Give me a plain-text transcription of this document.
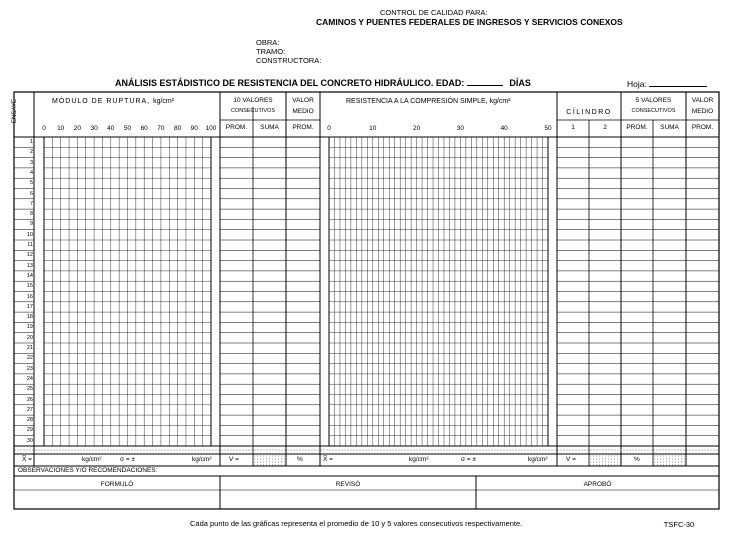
CONTROL DE CALIDAD PARA:
CAMINOS Y PUENTES FEDERALES DE INGRESOS Y SERVICIOS CONEXOS
OBRA:
TRAMO:
CONSTRUCTORA:
ANÁLISIS ESTÁDISTICO DE RESISTENCIA DEL CONCRETO HIDRÁULICO. EDAD:	DÍAS	Hoja:
ENSAYE	MÓDULO DE RUPTURA, kg/cm²
0	10	20	30	40	50	60	70	80	90	100
10 VALORES
CONSECUTIVOS
VALOR
MEDIO
PROM.	SUMA	PROM.
RESISTENCIA A LA COMPRESIÓN SIMPLE, kg/cm²
0	10	20	30	40	50
CÍLINDRO
1	2
5 VALORES
CONSECUTIVOS
VALOR
MEDIO
PROM.	SUMA	PROM.
1
2
3
4
5
6
7
8
9
10
11
12
13
14
15
16
17
18
19
20
21
22
23
24
25
26
27
28
29
30
X̅ =	kg/cm²	σ = ±	kg/cm²	V =	%	X̅ =	kg/cm²	σ = ±	kg/cm²	V =	%
OBSERVACIONES Y/O RECOMENDACIONES:
FORMULÓ	REVISÓ	APROBÓ
Cada punto de las gráficas representa el promedio de 10 y 5 valores consecutivos respectivamente.	TSFC-30
